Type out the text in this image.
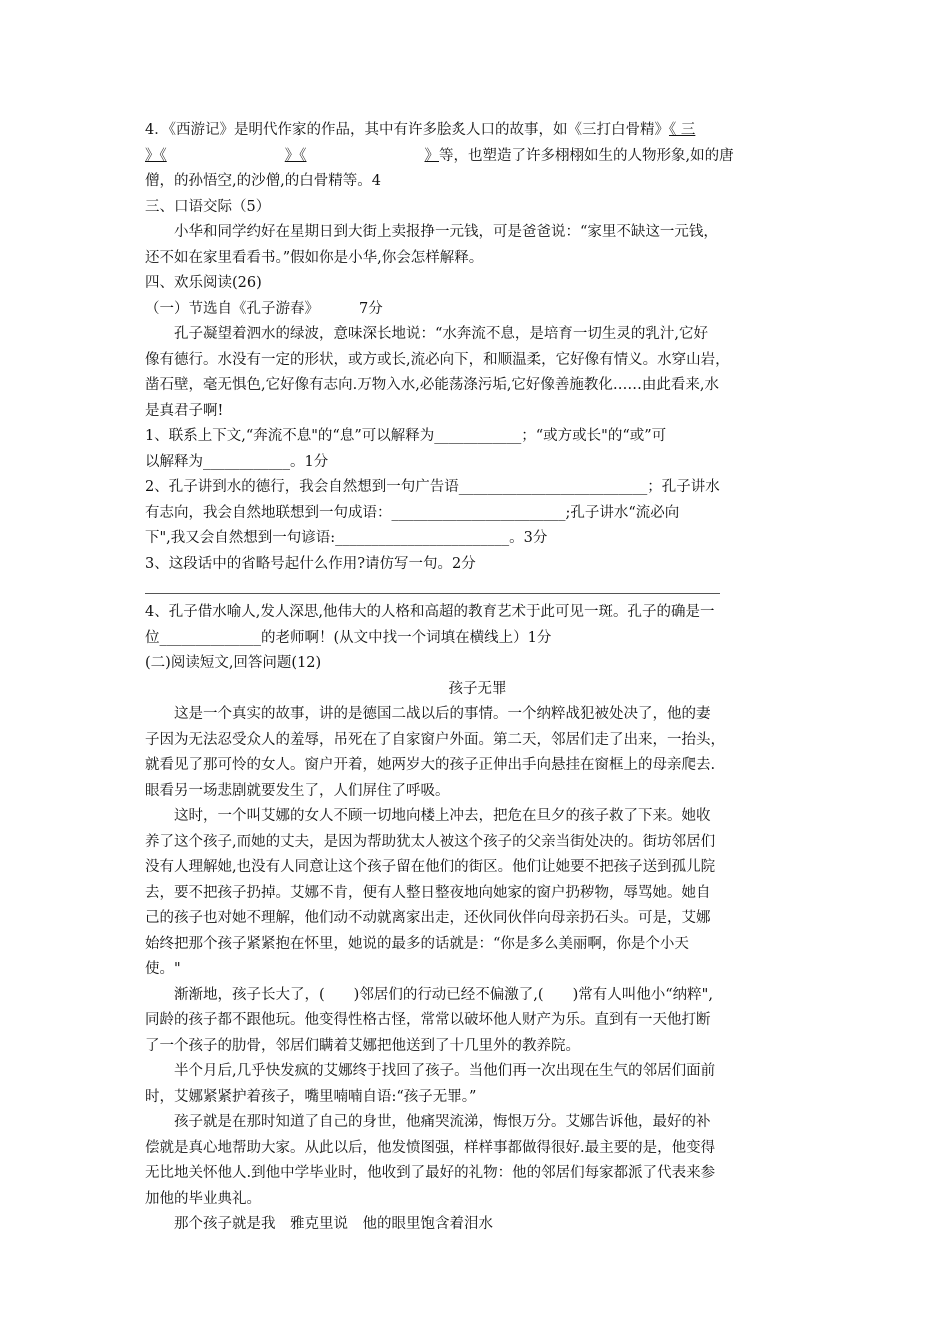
4．《西游记》是明代作家的作品，其中有许多脍炙人口的故事，如《三打白骨精》《 三
》《	》《	》等，也塑造了许多栩栩如生的人物形象,如的唐
僧，的孙悟空,的沙僧,的白骨精等。4
三、口语交际（5）
小华和同学约好在星期日到大街上卖报挣一元钱，可是爸爸说：“家里不缺这一元钱，
还不如在家里看看书。”假如你是小华,你会怎样解释。
四、欢乐阅读(26)
（一）节选自《孔子游春》	7分
孔子凝望着泗水的绿波，意味深长地说：“水奔流不息，是培育一切生灵的乳汁,它好
像有德行。水没有一定的形状，或方或长,流必向下，和顺温柔，它好像有情义。水穿山岩，
凿石壁，毫无惧色,它好像有志向.万物入水,必能荡涤污垢,它好像善施教化……由此看来,水
是真君子啊!
1、联系上下文,“奔流不息"的“息”可以解释为____________；“或方或长"的“或”可
以解释为____________。1分
2、孔子讲到水的德行，我会自然想到一句广告语__________________________；孔子讲水
有志向，我会自然地联想到一句成语：________________________;孔子讲水“流必向
下",我又会自然想到一句谚语:________________________。3分
3、这段话中的省略号起什么作用?请仿写一句。2分
4、孔子借水喻人,发人深思,他伟大的人格和高超的教育艺术于此可见一斑。孔子的确是一
位______________的老师啊！(从文中找一个词填在横线上）1分
(二)阅读短文,回答问题(12)
孩子无罪
这是一个真实的故事，讲的是德国二战以后的事情。一个纳粹战犯被处决了，他的妻
子因为无法忍受众人的羞辱，吊死在了自家窗户外面。第二天，邻居们走了出来，一抬头，
就看见了那可怜的女人。窗户开着，她两岁大的孩子正伸出手向悬挂在窗框上的母亲爬去.
眼看另一场悲剧就要发生了，人们屏住了呼吸。
这时，一个叫艾娜的女人不顾一切地向楼上冲去，把危在旦夕的孩子救了下来。她收
养了这个孩子,而她的丈夫，是因为帮助犹太人被这个孩子的父亲当街处决的。街坊邻居们
没有人理解她,也没有人同意让这个孩子留在他们的街区。他们让她要不把孩子送到孤儿院
去，要不把孩子扔掉。艾娜不肯，便有人整日整夜地向她家的窗户扔秽物，辱骂她。她自
己的孩子也对她不理解，他们动不动就离家出走，还伙同伙伴向母亲扔石头。可是，艾娜
始终把那个孩子紧紧抱在怀里，她说的最多的话就是：“你是多么美丽啊，你是个小天
使。"
渐渐地，孩子长大了，(　　)邻居们的行动已经不偏激了,(　　)常有人叫他小“纳粹",
同龄的孩子都不跟他玩。他变得性格古怪，常常以破坏他人财产为乐。直到有一天他打断
了一个孩子的肋骨，邻居们瞒着艾娜把他送到了十几里外的教养院。
半个月后,几乎快发疯的艾娜终于找回了孩子。当他们再一次出现在生气的邻居们面前
时，艾娜紧紧护着孩子，嘴里喃喃自语:“孩子无罪。”
孩子就是在那时知道了自己的身世，他痛哭流涕，悔恨万分。艾娜告诉他，最好的补
偿就是真心地帮助大家。从此以后，他发愤图强，样样事都做得很好.最主要的是，他变得
无比地关怀他人.到他中学毕业时，他收到了最好的礼物：他的邻居们每家都派了代表来参
加他的毕业典礼。
那个孩子就是我　雅克里说　他的眼里饱含着泪水
